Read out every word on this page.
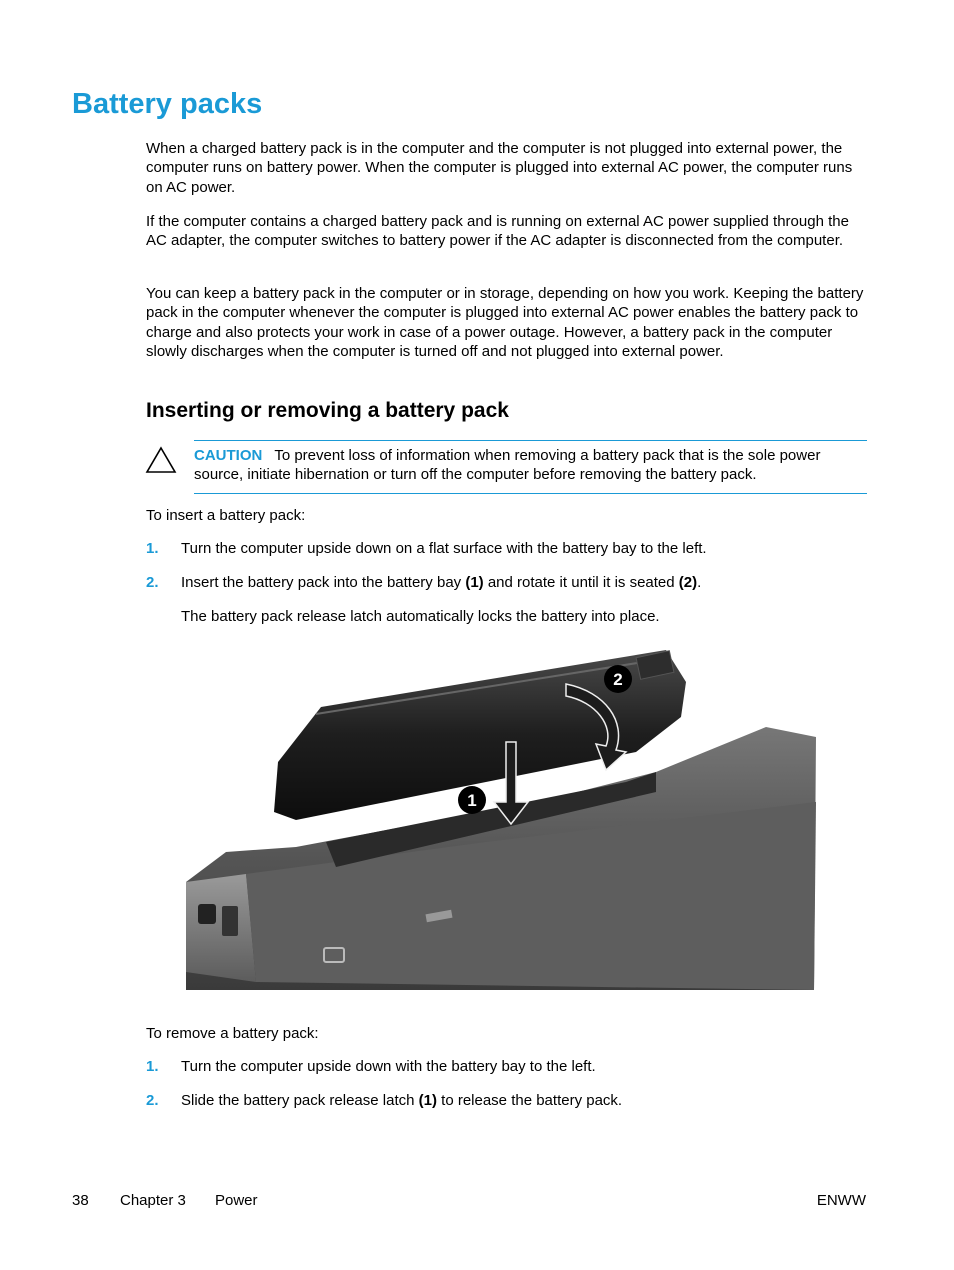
Battery packs

When a charged battery pack is in the computer and the computer is not plugged into external power, the computer runs on battery power. When the computer is plugged into external AC power, the computer runs on AC power.

If the computer contains a charged battery pack and is running on external AC power supplied through the AC adapter, the computer switches to battery power if the AC adapter is disconnected from the computer.

You can keep a battery pack in the computer or in storage, depending on how you work. Keeping the battery pack in the computer whenever the computer is plugged into external AC power enables the battery pack to charge and also protects your work in case of a power outage. However, a battery pack in the computer slowly discharges when the computer is turned off and not plugged into external power.

Inserting or removing a battery pack
CAUTION To prevent loss of information when removing a battery pack that is the sole power source, initiate hibernation or turn off the computer before removing the battery pack.
To insert a battery pack:
1. Turn the computer upside down on a flat surface with the battery bay to the left.
2. Insert the battery pack into the battery bay (1) and rotate it until it is seated (2).
The battery pack release latch automatically locks the battery into place.
1
2
To remove a battery pack:
1. Turn the computer upside down with the battery bay to the left.
2. Slide the battery pack release latch (1) to release the battery pack.
38 Chapter 3 Power	ENWW
